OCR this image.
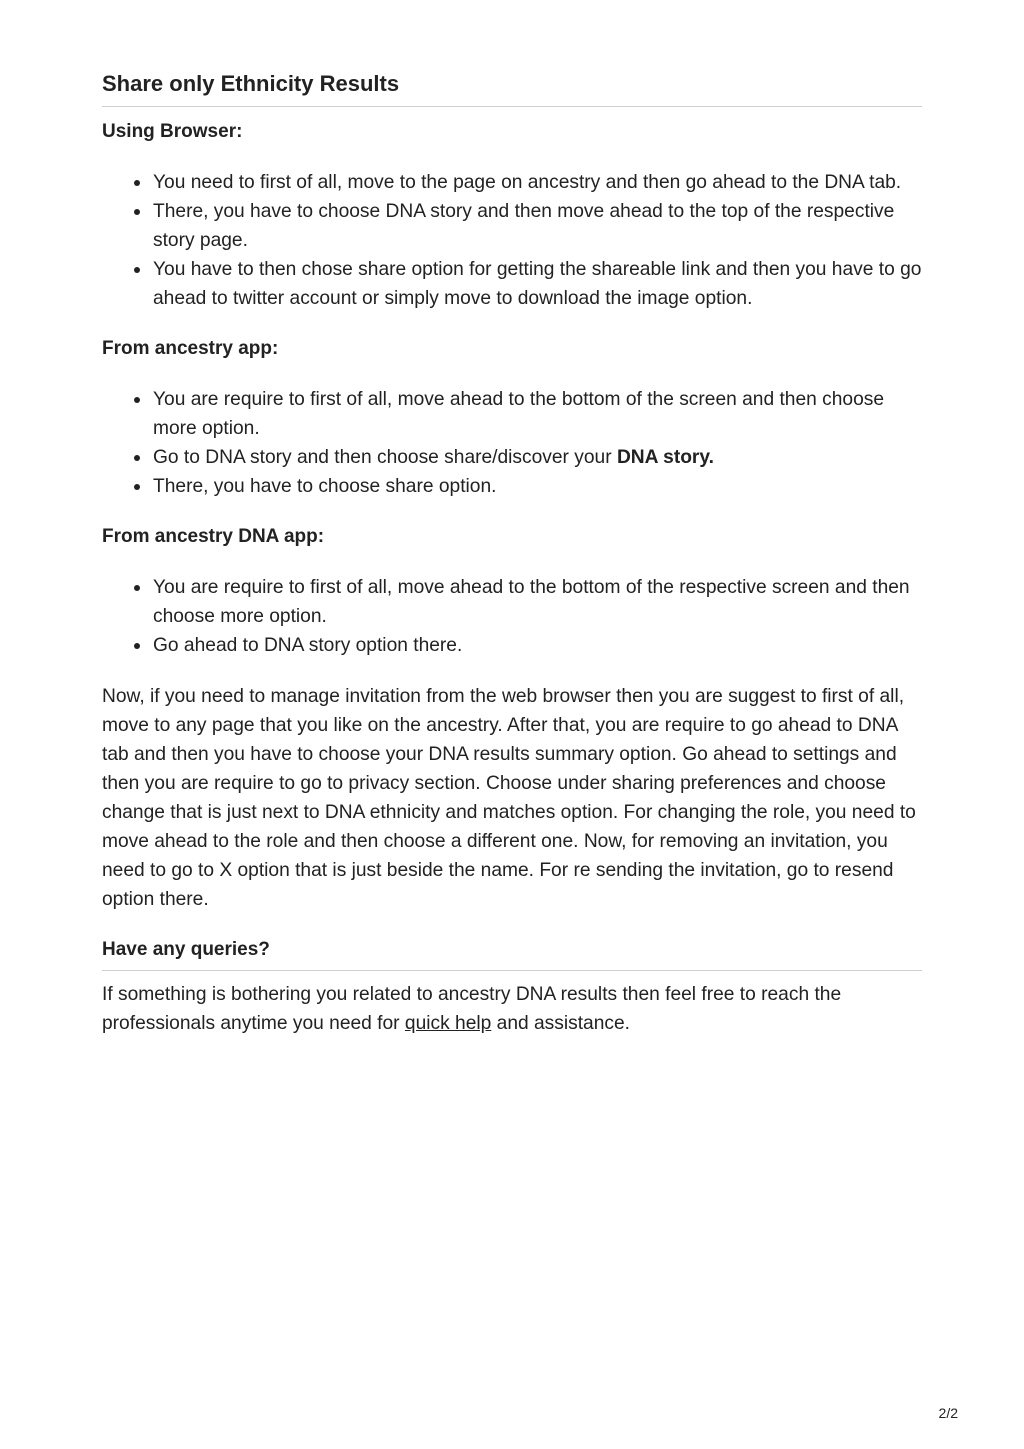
Share only Ethnicity Results
Using Browser:
You need to first of all, move to the page on ancestry and then go ahead to the DNA tab.
There, you have to choose DNA story and then move ahead to the top of the respective story page.
You have to then chose share option for getting the shareable link and then you have to go ahead to twitter account or simply move to download the image option.
From ancestry app:
You are require to first of all, move ahead to the bottom of the screen and then choose more option.
Go to DNA story and then choose share/discover your DNA story.
There, you have to choose share option.
From ancestry DNA app:
You are require to first of all, move ahead to the bottom of the respective screen and then choose more option.
Go ahead to DNA story option there.

Now, if you need to manage invitation from the web browser then you are suggest to first of all, move to any page that you like on the ancestry. After that, you are require to go ahead to DNA tab and then you have to choose your DNA results summary option. Go ahead to settings and then you are require to go to privacy section. Choose under sharing preferences and choose change that is just next to DNA ethnicity and matches option. For changing the role, you need to move ahead to the role and then choose a different one. Now, for removing an invitation, you need to go to X option that is just beside the name. For re sending the invitation, go to resend option there.

Have any queries?

If something is bothering you related to ancestry DNA results then feel free to reach the professionals anytime you need for quick help and assistance.

2/2
